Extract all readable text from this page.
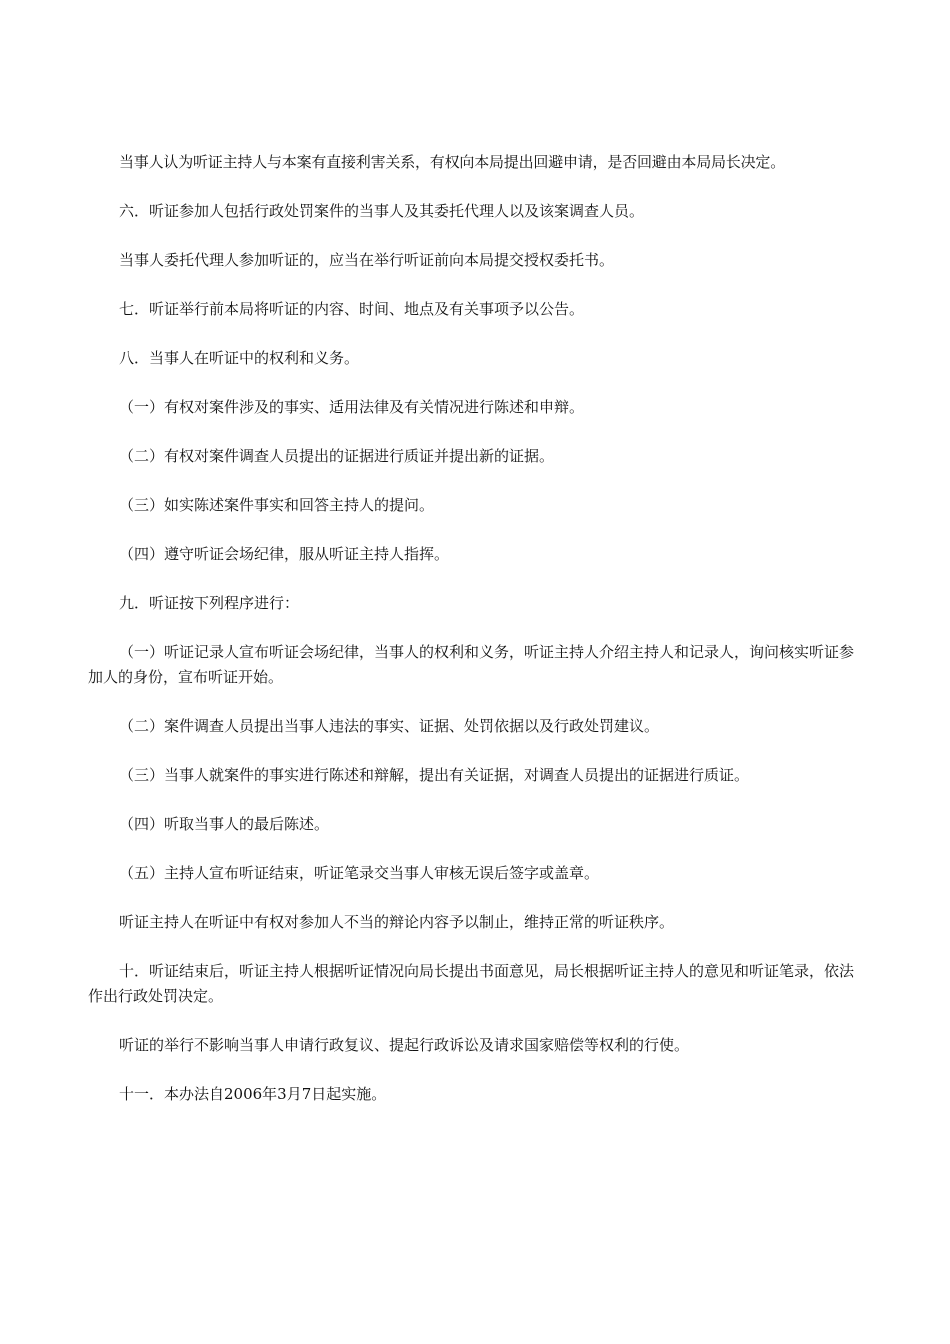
当事人认为听证主持人与本案有直接利害关系，有权向本局提出回避申请，是否回避由本局局长决定。

六．听证参加人包括行政处罚案件的当事人及其委托代理人以及该案调查人员。

当事人委托代理人参加听证的，应当在举行听证前向本局提交授权委托书。

七．听证举行前本局将听证的内容、时间、地点及有关事项予以公告。

八．当事人在听证中的权利和义务。

（一）有权对案件涉及的事实、适用法律及有关情况进行陈述和申辩。

（二）有权对案件调查人员提出的证据进行质证并提出新的证据。

（三）如实陈述案件事实和回答主持人的提问。

（四）遵守听证会场纪律，服从听证主持人指挥。

九．听证按下列程序进行：

（一）听证记录人宣布听证会场纪律，当事人的权利和义务，听证主持人介绍主持人和记录人，询问核实听证参加人的身份，宣布听证开始。

（二）案件调查人员提出当事人违法的事实、证据、处罚依据以及行政处罚建议。

（三）当事人就案件的事实进行陈述和辩解，提出有关证据，对调查人员提出的证据进行质证。

（四）听取当事人的最后陈述。

（五）主持人宣布听证结束，听证笔录交当事人审核无误后签字或盖章。

听证主持人在听证中有权对参加人不当的辩论内容予以制止，维持正常的听证秩序。

十．听证结束后，听证主持人根据听证情况向局长提出书面意见，局长根据听证主持人的意见和听证笔录，依法作出行政处罚决定。

听证的举行不影响当事人申请行政复议、提起行政诉讼及请求国家赔偿等权利的行使。

十一．本办法自2006年3月7日起实施。
